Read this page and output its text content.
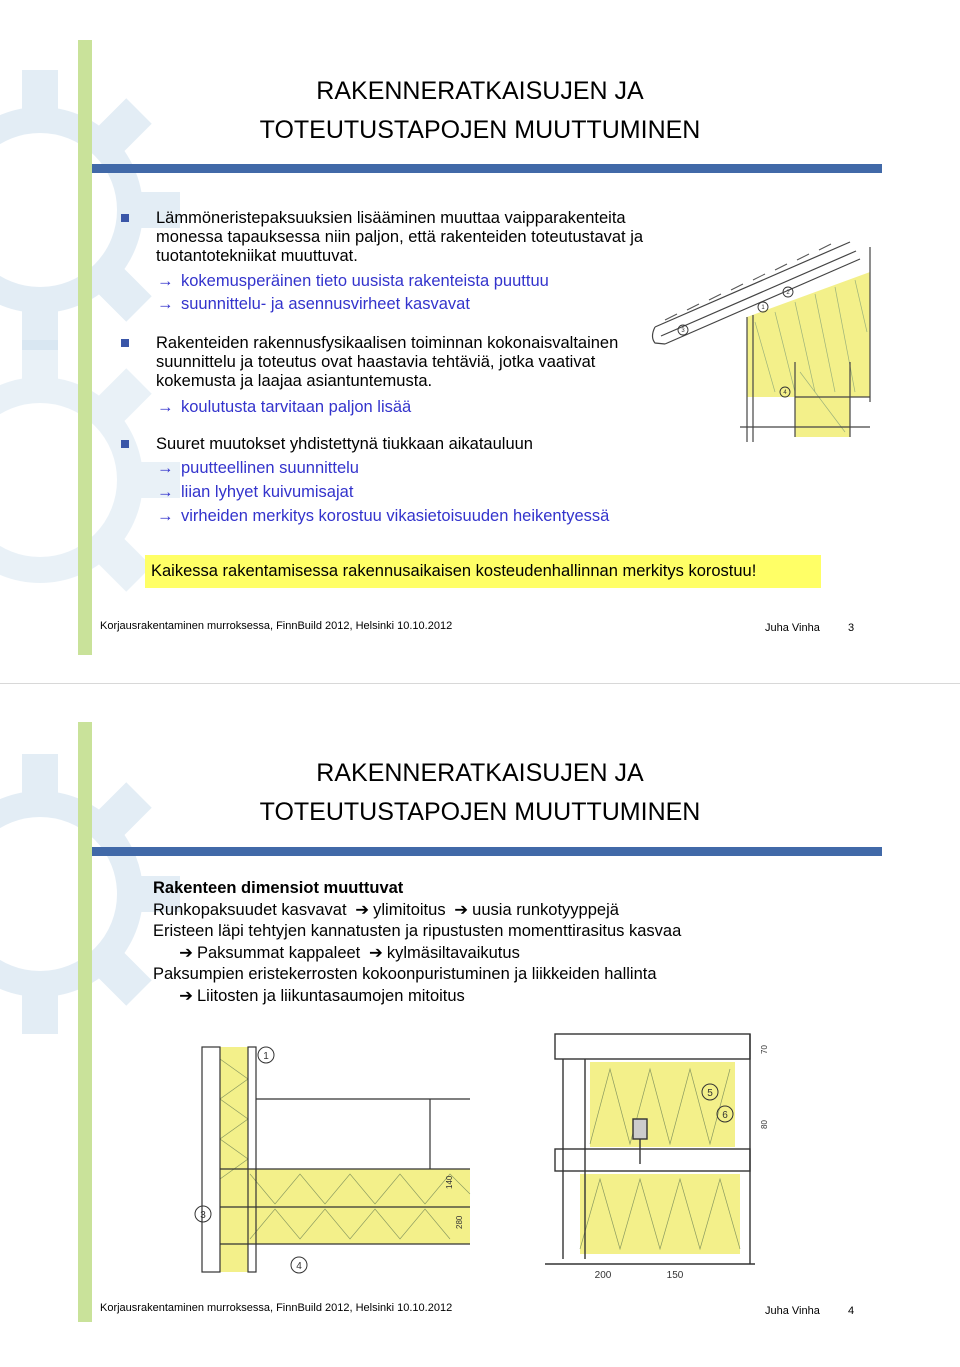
RAKENNERATKAISUJEN JA
TOTEUTUSTAPOJEN MUUTTUMINEN
Lämmöneristepaksuuksien lisääminen muuttaa vaipparakenteita monessa tapauksessa niin paljon, että rakenteiden toteutustavat ja tuotantotekniikat muuttuvat.
→ kokemusperäinen tieto uusista rakenteista puuttuu
→ suunnittelu- ja asennusvirheet kasvavat
Rakenteiden rakennusfysikaalisen toiminnan kokonaisvaltainen suunnittelu ja toteutus ovat haastavia tehtäviä, jotka vaativat kokemusta ja laajaa asiantuntemusta.
→ koulutusta tarvitaan paljon lisää
Suuret muutokset yhdistettynä tiukkaan aikatauluun
→ puutteellinen suunnittelu
→ liian lyhyet kuivumisajat
→ virheiden merkitys korostuu vikasietoisuuden heikentyessä
1
2
3
4
Kaikessa rakentamisessa rakennusaikaisen kosteudenhallinnan merkitys korostuu!
Korjausrakentaminen murroksessa, FinnBuild 2012, Helsinki 10.10.2012	Juha Vinha	3
RAKENNERATKAISUJEN JA
TOTEUTUSTAPOJEN MUUTTUMINEN
Rakenteen dimensiot muuttuvat
Runkopaksuudet kasvavat ➔ ylimitoitus ➔ uusia runkotyyppejä
Eristeen läpi tehtyjen kannatusten ja ripustusten momenttirasitus kasvaa
➔ Paksummat kappaleet ➔ kylmäsiltavaikutus
Paksumpien eristekerrosten kokoonpuristuminen ja liikkeiden hallinta
➔ Liitosten ja liikuntasaumojen mitoitus
1
3
4
140
280
5
6
200	150
70
80
Korjausrakentaminen murroksessa, FinnBuild 2012, Helsinki 10.10.2012	Juha Vinha	4
